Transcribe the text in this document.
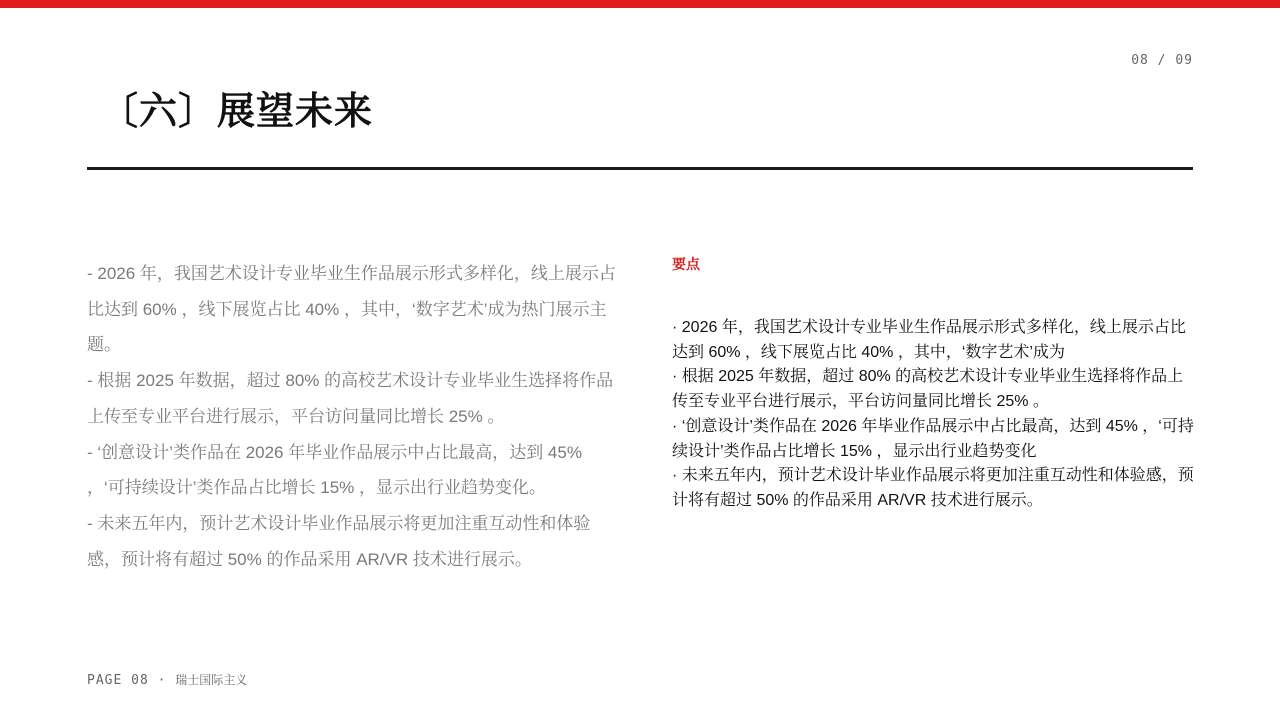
08 / 09
〔六〕展望未来

- 2026 年，我国艺术设计专业毕业生作品展示形式多样化，线上展示占比达到 60% ，线下展览占比 40% ，其中，‘数字艺术’成为热门展示主题。

- 根据 2025 年数据，超过 80% 的高校艺术设计专业毕业生选择将作品上传至专业平台进行展示，平台访问量同比增长 25% 。

- ‘创意设计’类作品在 2026 年毕业作品展示中占比最高，达到 45% ，‘可持续设计’类作品占比增长 15% ，显示出行业趋势变化。

- 未来五年内，预计艺术设计毕业作品展示将更加注重互动性和体验感，预计将有超过 50% 的作品采用 AR/VR 技术进行展示。

要点

· 2026 年，我国艺术设计专业毕业生作品展示形式多样化，线上展示占比达到 60% ，线下展览占比 40% ，其中，‘数字艺术’成为

· 根据 2025 年数据，超过 80% 的高校艺术设计专业毕业生选择将作品上传至专业平台进行展示，平台访问量同比增长 25% 。

· ‘创意设计’类作品在 2026 年毕业作品展示中占比最高，达到 45% ，‘可持续设计’类作品占比增长 15% ，显示出行业趋势变化

· 未来五年内，预计艺术设计毕业作品展示将更加注重互动性和体验感，预计将有超过 50% 的作品采用 AR/VR 技术进行展示。

PAGE 08 · 瑞士国际主义
